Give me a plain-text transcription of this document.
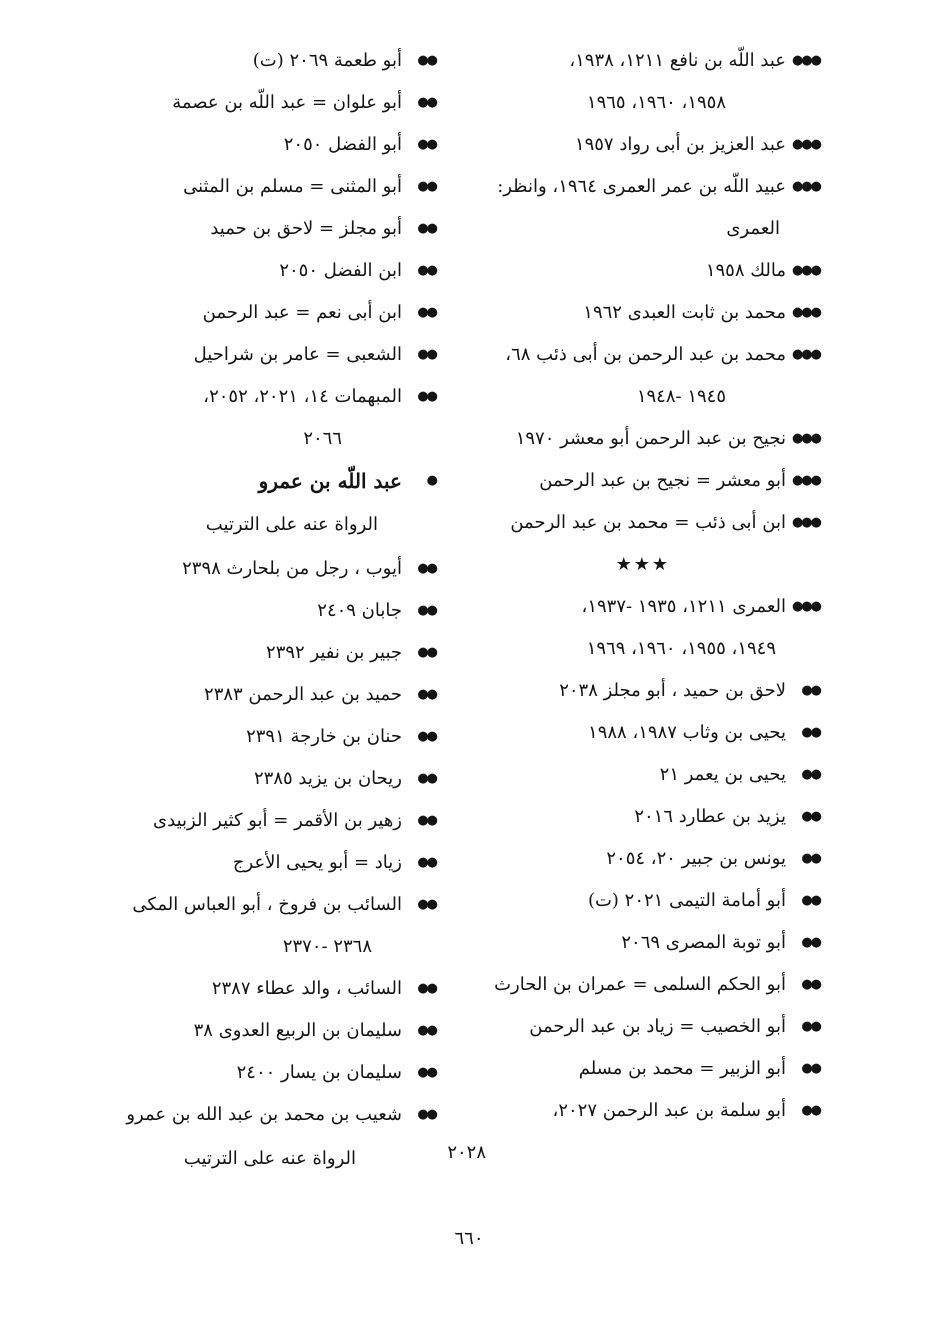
●●●
عبد اللّه بن نافع ١٢١١، ١٩٣٨،
١٩٥٨، ١٩٦٠، ١٩٦٥
●●●
عبد العزيز بن أبى رواد ١٩٥٧
●●●
عبيد اللّه بن عمر العمرى ١٩٦٤، وانظر:
العمرى
●●●
مالك ١٩٥٨
●●●
محمد بن ثابت العبدى ١٩٦٢
●●●
محمد بن عبد الرحمن بن أبى ذئب ٦٨،
١٩٤٥ -١٩٤٨
●●●
نجيح بن عبد الرحمن أبو معشر ١٩٧٠
●●●
أبو معشر = نجيح بن عبد الرحمن
●●●
ابن أبى ذئب = محمد بن عبد الرحمن
★★★
●●●
العمرى ١٢١١، ١٩٣٥ -١٩٣٧،
١٩٤٩، ١٩٥٥، ١٩٦٠، ١٩٦٩
●●
لاحق بن حميد ، أبو مجلز ٢٠٣٨
●●
يحيى بن وثاب ١٩٨٧، ١٩٨٨
●●
يحيى بن يعمر ٢١
●●
يزيد بن عطارد ٢٠١٦
●●
يونس بن جبير ٢٠، ٢٠٥٤
●●
أبو أمامة التيمى ٢٠٢١ (ت)
●●
أبو توبة المصرى ٢٠٦٩
●●
أبو الحكم السلمى = عمران بن الحارث
●●
أبو الخصيب = زياد بن عبد الرحمن
●●
أبو الزبير = محمد بن مسلم
●●
أبو سلمة بن عبد الرحمن ٢٠٢٧،
٢٠٢٨
●●
أبو طعمة ٢٠٦٩ (ت)
●●
أبو علوان = عبد اللّه بن عصمة
●●
أبو الفضل ٢٠٥٠
●●
أبو المثنى = مسلم بن المثنى
●●
أبو مجلز = لاحق بن حميد
●●
ابن الفضل ٢٠٥٠
●●
ابن أبى نعم = عبد الرحمن
●●
الشعبى = عامر بن شراحيل
●●
المبهمات ١٤، ٢٠٢١، ٢٠٥٢،
٢٠٦٦
●
عبد اللّه بن عمرو
الرواة عنه على الترتيب
●●
أيوب ، رجل من بلحارث ٢٣٩٨
●●
جابان ٢٤٠٩
●●
جبير بن نفير ٢٣٩٢
●●
حميد بن عبد الرحمن ٢٣٨٣
●●
حنان بن خارجة ٢٣٩١
●●
ريحان بن يزيد ٢٣٨٥
●●
زهير بن الأقمر = أبو كثير الزبيدى
●●
زياد = أبو يحيى الأعرج
●●
السائب بن فروخ ، أبو العباس المكى
٢٣٦٨ -٢٣٧٠
●●
السائب ، والد عطاء ٢٣٨٧
●●
سليمان بن الربيع العدوى ٣٨
●●
سليمان بن يسار ٢٤٠٠
●●
شعيب بن محمد بن عبد الله بن عمرو
الرواة عنه على الترتيب
٦٦٠
